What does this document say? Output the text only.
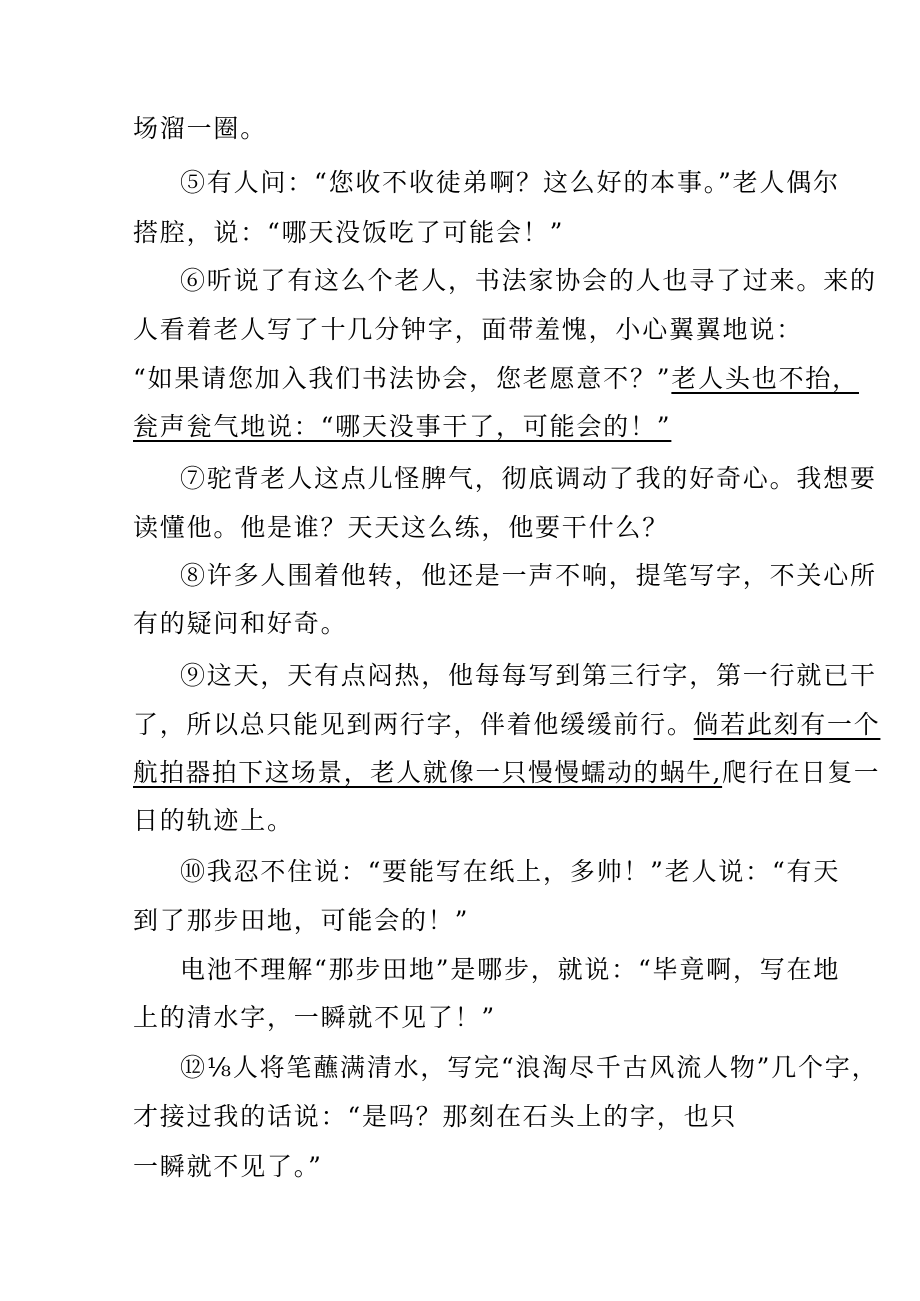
场溜一圈。
⑤有人问：“您收不收徒弟啊？这么好的本事。”老人偶尔
搭腔，说：“哪天没饭吃了可能会！”
⑥听说了有这么个老人，书法家协会的人也寻了过来。来的
人看着老人写了十几分钟字，面带羞愧，小心翼翼地说：
“如果请您加入我们书法协会，您老愿意不？”老人头也不抬，
瓮声瓮气地说：“哪天没事干了，可能会的！”
⑦驼背老人这点儿怪脾气，彻底调动了我的好奇心。我想要
读懂他。他是谁？天天这么练，他要干什么？
⑧许多人围着他转，他还是一声不响，提笔写字，不关心所
有的疑问和好奇。
⑨这天，天有点闷热，他每每写到第三行字，第一行就已干
了，所以总只能见到两行字，伴着他缓缓前行。倘若此刻有一个
航拍器拍下这场景，老人就像一只慢慢蠕动的蜗牛,爬行在日复一
日的轨迹上。
⑩我忍不住说：“要能写在纸上，多帅！”老人说：“有天
到了那步田地，可能会的！”
电池不理解“那步田地”是哪步，就说：“毕竟啊，写在地
上的清水字，一瞬就不见了！”
⑫⅛人将笔蘸满清水，写完“浪淘尽千古风流人物”几个字，
才接过我的话说：“是吗？那刻在石头上的字，也只
一瞬就不见了。”
